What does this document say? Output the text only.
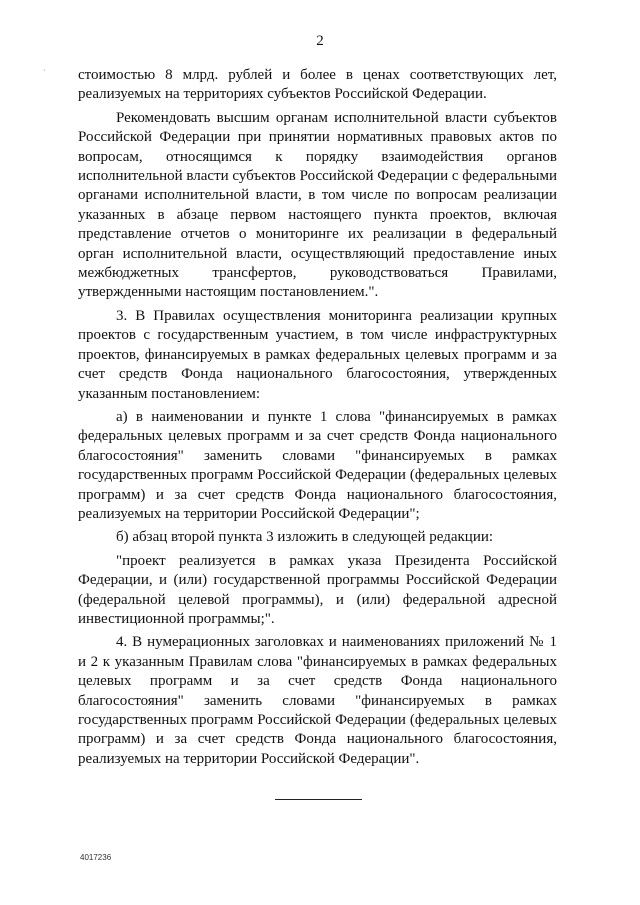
2
· стоимостью 8 млрд. рублей и более в ценах соответствующих лет, реализуемых на территориях субъектов Российской Федерации.

Рекомендовать высшим органам исполнительной власти субъектов Российской Федерации при принятии нормативных правовых актов по вопросам, относящимся к порядку взаимодействия органов исполнительной власти субъектов Российской Федерации с федеральными органами исполнительной власти, в том числе по вопросам реализации указанных в абзаце первом настоящего пункта проектов, включая представление отчетов о мониторинге их реализации в федеральный орган исполнительной власти, осуществляющий предоставление иных межбюджетных трансфертов, руководствоваться Правилами, утвержденными настоящим постановлением.".

3. В Правилах осуществления мониторинга реализации крупных проектов с государственным участием, в том числе инфраструктурных проектов, финансируемых в рамках федеральных целевых программ и за счет средств Фонда национального благосостояния, утвержденных указанным постановлением:

а) в наименовании и пункте 1 слова "финансируемых в рамках федеральных целевых программ и за счет средств Фонда национального благосостояния" заменить словами "финансируемых в рамках государственных программ Российской Федерации (федеральных целевых программ) и за счет средств Фонда национального благосостояния, реализуемых на территории Российской Федерации";

б) абзац второй пункта 3 изложить в следующей редакции:

"проект реализуется в рамках указа Президента Российской Федерации, и (или) государственной программы Российской Федерации (федеральной целевой программы), и (или) федеральной адресной инвестиционной программы;".

4. В нумерационных заголовках и наименованиях приложений № 1 и 2 к указанным Правилам слова "финансируемых в рамках федеральных целевых программ и за счет средств Фонда национального благосостояния" заменить словами "финансируемых в рамках государственных программ Российской Федерации (федеральных целевых программ) и за счет средств Фонда национального благосостояния, реализуемых на территории Российской Федерации".

4017236
